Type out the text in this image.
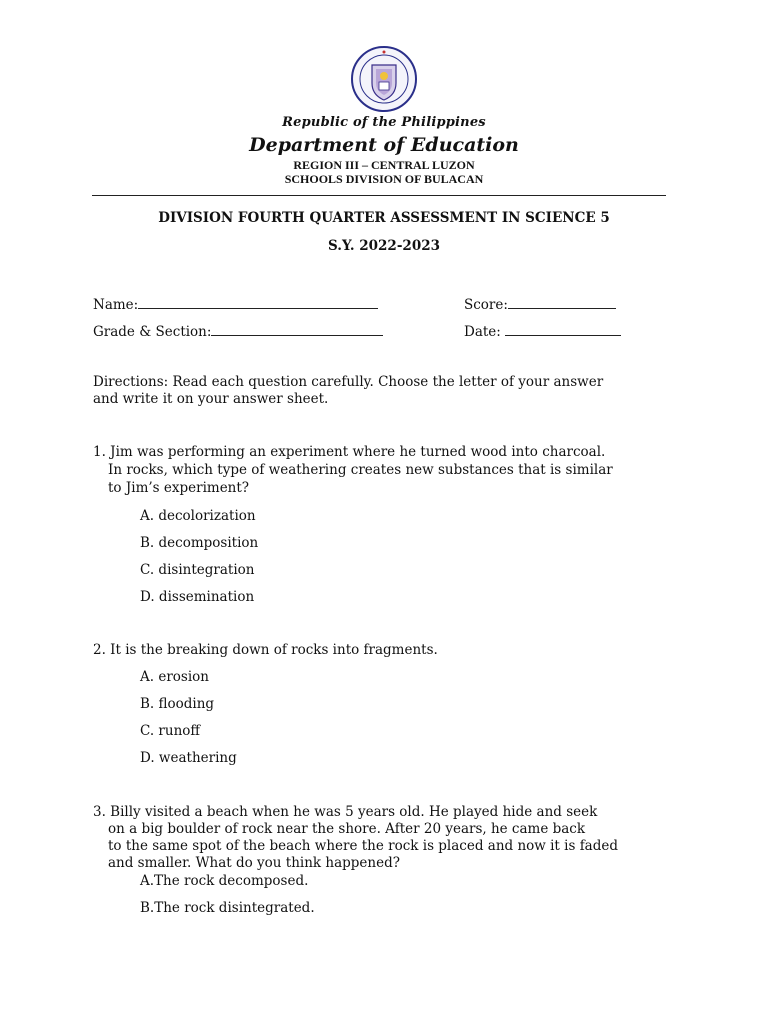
Republic of the Philippines
Department of Education
REGION III – CENTRAL LUZON
SCHOOLS DIVISION OF BULACAN
DIVISION FOURTH QUARTER ASSESSMENT IN SCIENCE 5
S.Y. 2022-2023
Name:	Score:
Grade & Section:	Date:
Directions: Read each question carefully. Choose the letter of your answer
and write it on your answer sheet.
1. Jim was performing an experiment where he turned wood into charcoal.
In rocks, which type of weathering creates new substances that is similar
to Jim’s experiment?
A. decolorization
B. decomposition
C. disintegration
D. dissemination
2. It is the breaking down of rocks into fragments.
A. erosion
B. flooding
C. runoff
D. weathering
3. Billy visited a beach when he was 5 years old. He played hide and seek
on a big boulder of rock near the shore. After 20 years, he came back
to the same spot of the beach where the rock is placed and now it is faded
and smaller. What do you think happened?
A.The rock decomposed.
B.The rock disintegrated.
